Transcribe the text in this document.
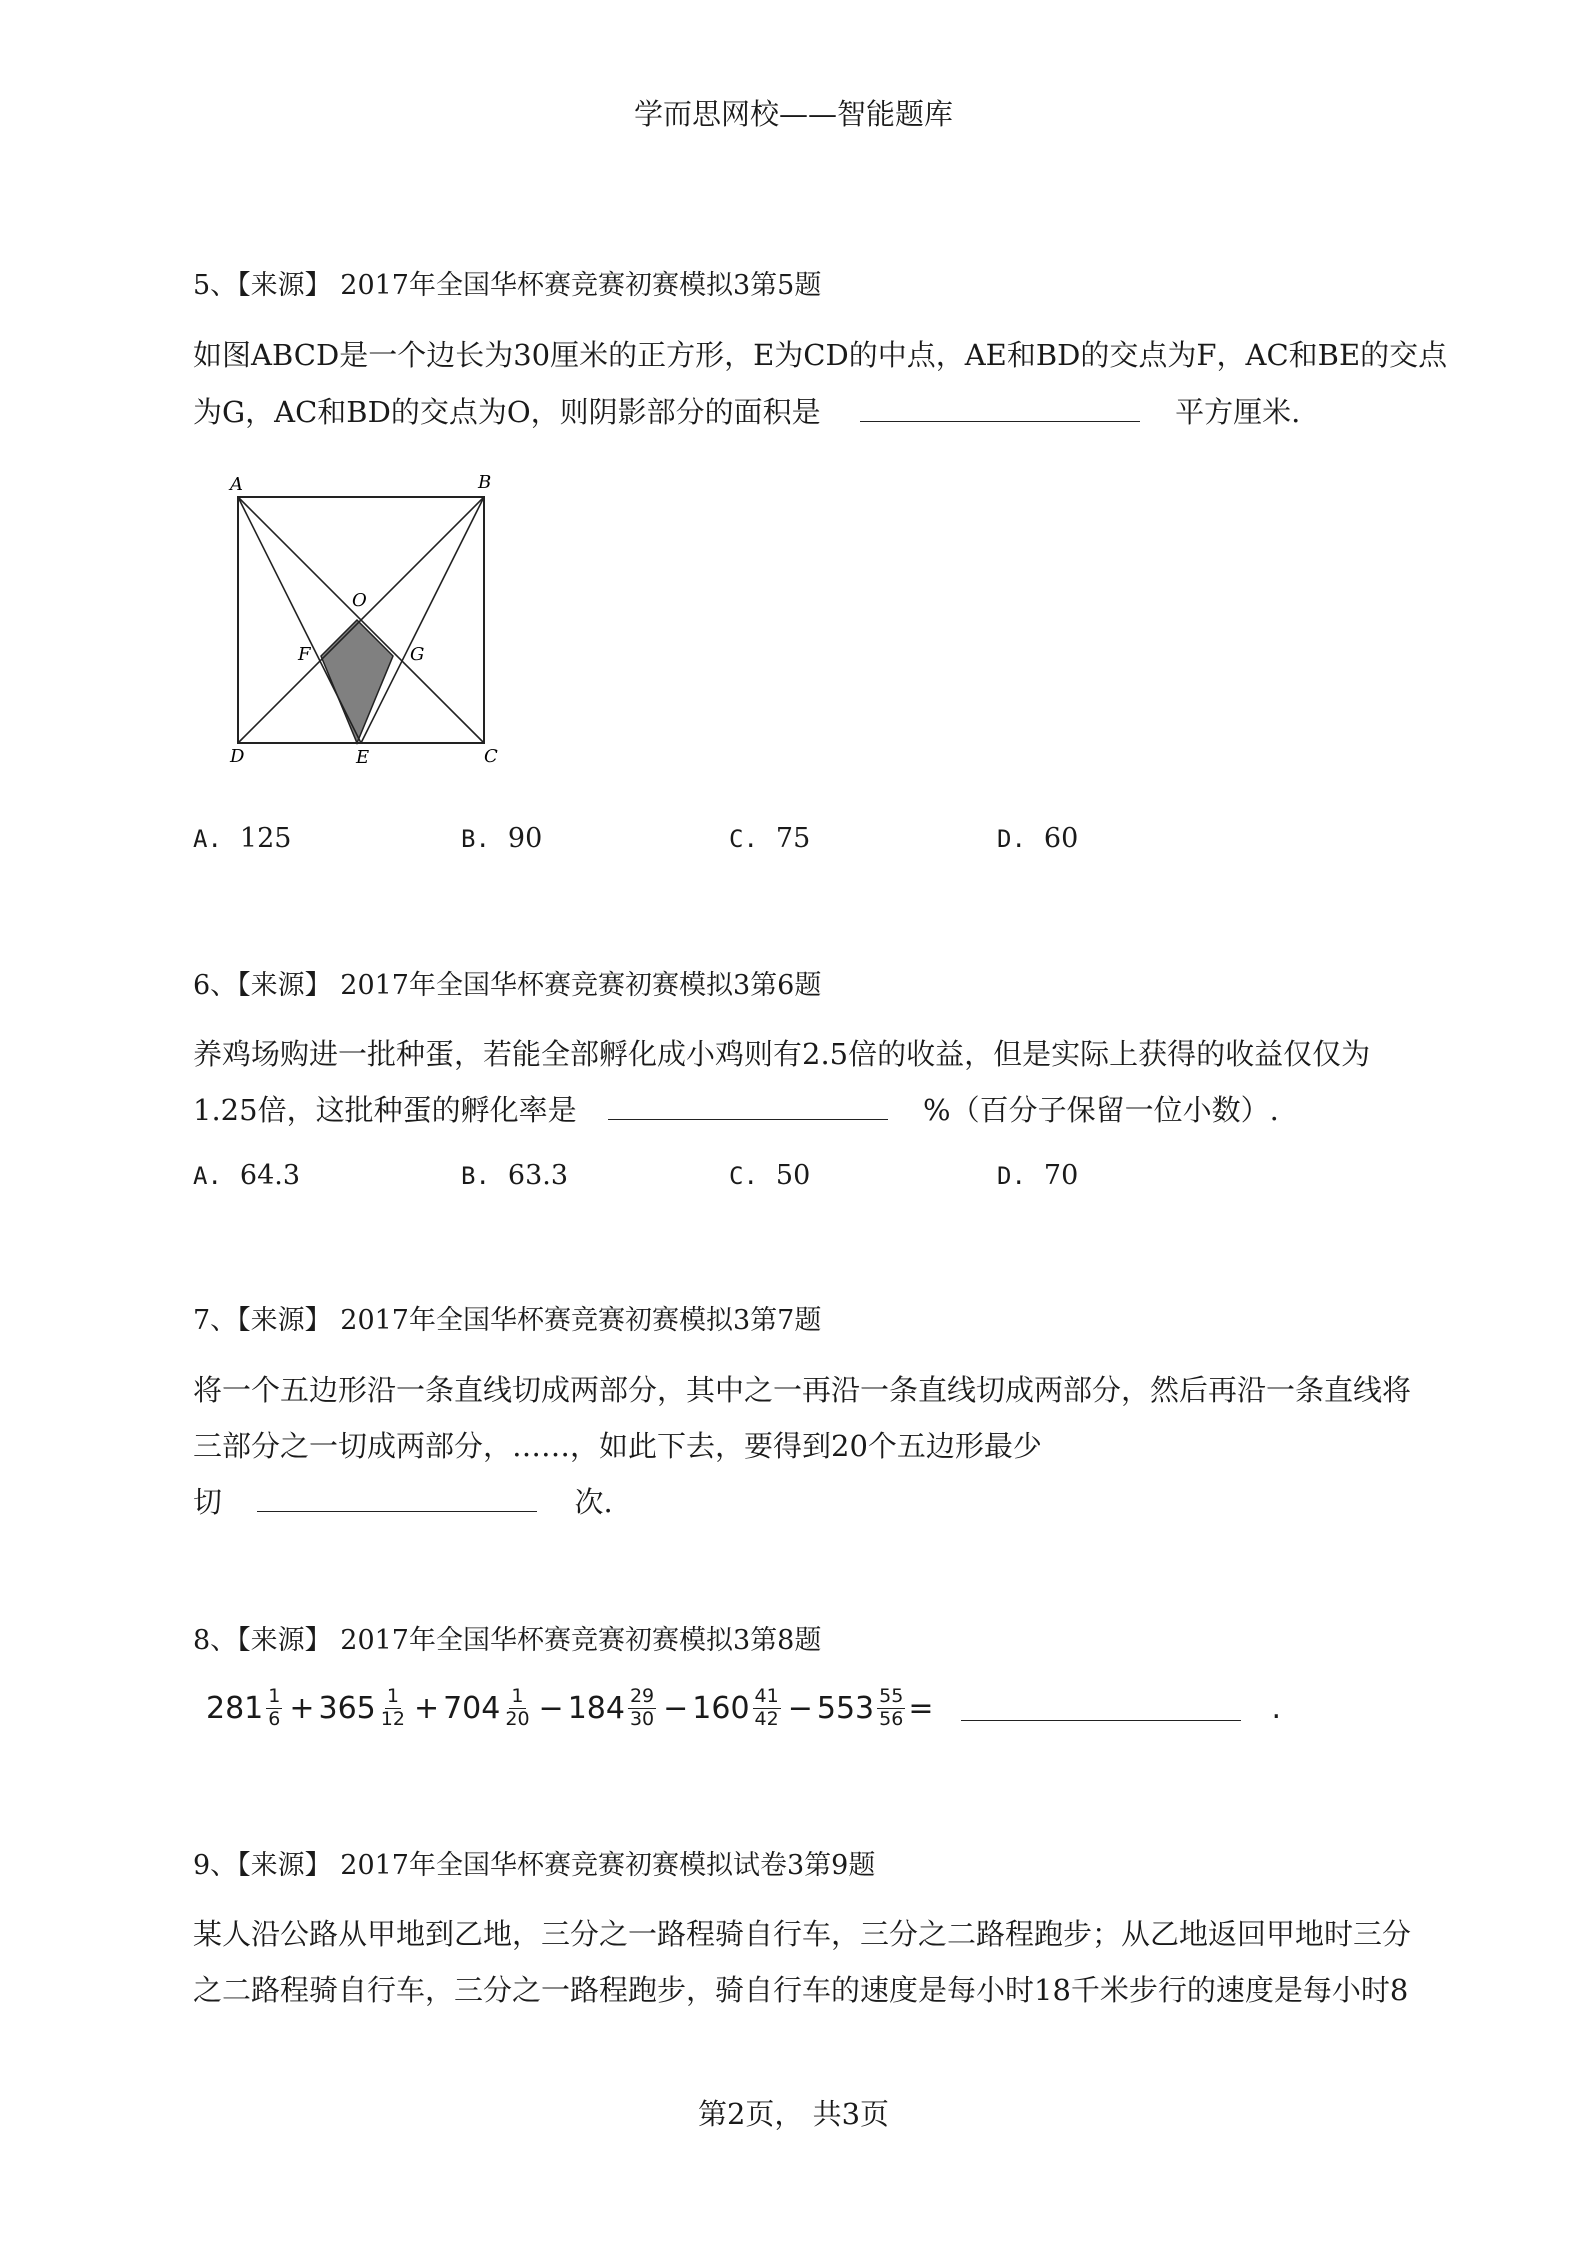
学而思网校——智能题库
5、【来源】 2017年全国华杯赛竞赛初赛模拟3第5题
如图ABCD是一个边长为30厘米的正方形，E为CD的中点，AE和BD的交点为F，AC和BE的交点
为G，AC和BD的交点为O，则阴影部分的面积是	平方厘米.
A	B
C
D	E
F	G
O
A. 125	B. 90	C. 75	D. 60
6、【来源】 2017年全国华杯赛竞赛初赛模拟3第6题
养鸡场购进一批种蛋，若能全部孵化成小鸡则有2.5倍的收益，但是实际上获得的收益仅仅为
1.25倍，这批种蛋的孵化率是	%（百分子保留一位小数）.
A. 64.3	B. 63.3	C. 50	D. 70
7、【来源】 2017年全国华杯赛竞赛初赛模拟3第7题
将一个五边形沿一条直线切成两部分，其中之一再沿一条直线切成两部分，然后再沿一条直线将
三部分之一切成两部分，……，如此下去，要得到20个五边形最少
切	次.
8、【来源】 2017年全国华杯赛竞赛初赛模拟3第8题
$281 \frac{1}{6} + 365 \frac{1}{12} + 704 \frac{1}{20} - 184 \frac{29}{30} - 160 \frac{41}{42} - 553 \frac{55}{56}$ =	.
9、【来源】 2017年全国华杯赛竞赛初赛模拟试卷3第9题
某人沿公路从甲地到乙地，三分之一路程骑自行车，三分之二路程跑步；从乙地返回甲地时三分
之二路程骑自行车，三分之一路程跑步，骑自行车的速度是每小时18千米步行的速度是每小时8
第2页， 共3页
